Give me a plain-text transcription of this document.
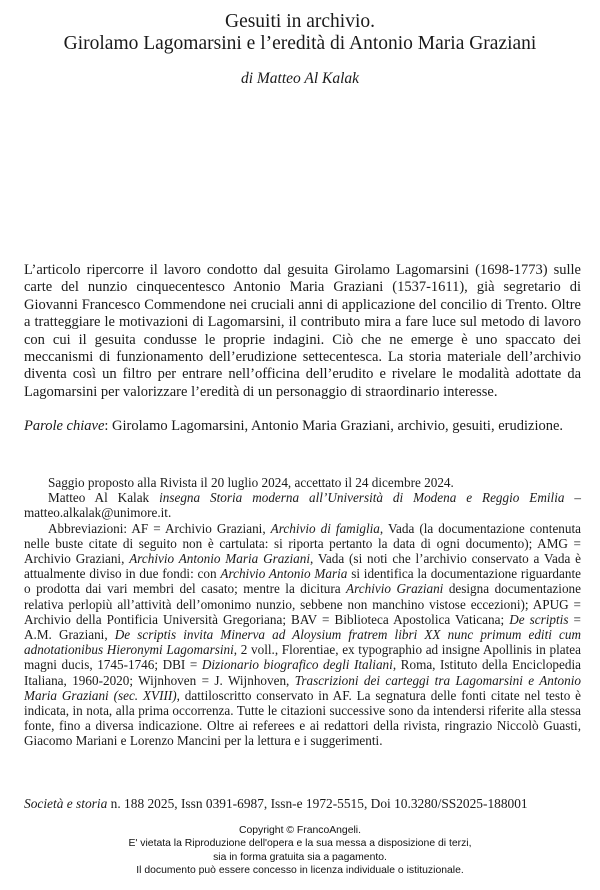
Gesuiti in archivio.
Girolamo Lagomarsini e l’eredità di Antonio Maria Graziani

di Matteo Al Kalak

L’articolo ripercorre il lavoro condotto dal gesuita Girolamo Lagomarsini (1698-1773) sulle carte del nunzio cinquecentesco Antonio Maria Graziani (1537-1611), già segretario di Giovanni Francesco Commendone nei cruciali anni di applicazione del concilio di Trento. Oltre a tratteggiare le motivazioni di Lagomarsini, il contributo mira a fare luce sul metodo di lavoro con cui il gesuita condusse le proprie indagini. Ciò che ne emerge è uno spaccato dei meccanismi di funzionamento dell’erudizione settecentesca. La storia materiale dell’archivio diventa così un filtro per entrare nell’officina dell’erudito e rivelare le modalità adottate da Lagomarsini per valorizzare l’eredità di un personaggio di straordinario interesse.

Parole chiave: Girolamo Lagomarsini, Antonio Maria Graziani, archivio, gesuiti, erudizione.

Saggio proposto alla Rivista il 20 luglio 2024, accettato il 24 dicembre 2024.

Matteo Al Kalak insegna Storia moderna all’Università di Modena e Reggio Emilia – matteo.alkalak@unimore.it.

Abbreviazioni: AF = Archivio Graziani, Archivio di famiglia, Vada (la documentazione contenuta nelle buste citate di seguito non è cartulata: si riporta pertanto la data di ogni documento); AMG = Archivio Graziani, Archivio Antonio Maria Graziani, Vada (si noti che l’archivio conservato a Vada è attualmente diviso in due fondi: con Archivio Antonio Maria si identifica la documentazione riguardante o prodotta dai vari membri del casato; mentre la dicitura Archivio Graziani designa documentazione relativa perlopiù all’attività dell’omonimo nunzio, sebbene non manchino vistose eccezioni); APUG = Archivio della Pontificia Università Gregoriana; BAV = Biblioteca Apostolica Vaticana; De scriptis = A.M. Graziani, De scriptis invita Minerva ad Aloysium fratrem libri XX nunc primum editi cum adnotationibus Hieronymi Lagomarsini, 2 voll., Florentiae, ex typographio ad insigne Apollinis in platea magni ducis, 1745-1746; DBI = Dizionario biografico degli Italiani, Roma, Istituto della Enciclopedia Italiana, 1960-2020; Wijnhoven = J. Wijnhoven, Trascrizioni dei carteggi tra Lagomarsini e Antonio Maria Graziani (sec. XVIII), dattiloscritto conservato in AF. La segnatura delle fonti citate nel testo è indicata, in nota, alla prima occorrenza. Tutte le citazioni successive sono da intendersi riferite alla stessa fonte, fino a diversa indicazione. Oltre ai referees e ai redattori della rivista, ringrazio Niccolò Guasti, Giacomo Mariani e Lorenzo Mancini per la lettura e i suggerimenti.

Società e storia n. 188 2025, Issn 0391-6987, Issn-e 1972-5515, Doi 10.3280/SS2025-188001

Copyright © FrancoAngeli.
E' vietata la Riproduzione dell'opera e la sua messa a disposizione di terzi,
sia in forma gratuita sia a pagamento.
Il documento può essere concesso in licenza individuale o istituzionale.
